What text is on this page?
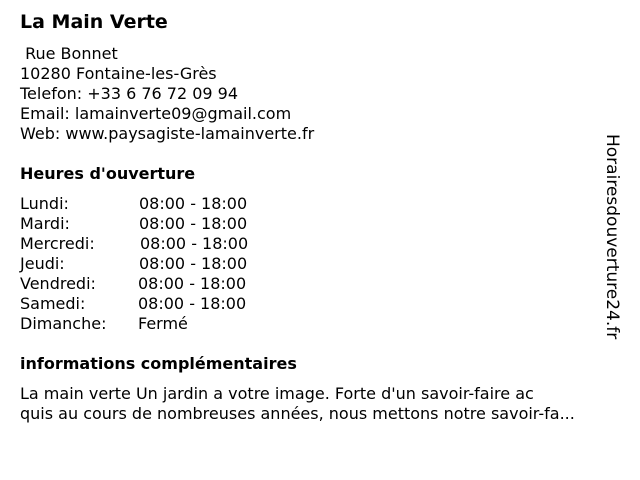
La Main Verte
Rue Bonnet
10280 Fontaine-les-Grès
Telefon: +33 6 76 72 09 94
Email: lamainverte09@gmail.com
Web: www.paysagiste-lamainverte.fr
Heures d'ouverture
Lundi:	08:00 - 18:00
Mardi:	08:00 - 18:00
Mercredi:	08:00 - 18:00
Jeudi:	08:00 - 18:00
Vendredi:	08:00 - 18:00
Samedi:	08:00 - 18:00
Dimanche: Fermé
informations complémentaires
La main verte Un jardin a votre image. Forte d'un savoir-faire ac
quis au cours de nombreuses années, nous mettons notre savoir-fa...
Horairesdouverture24.fr
